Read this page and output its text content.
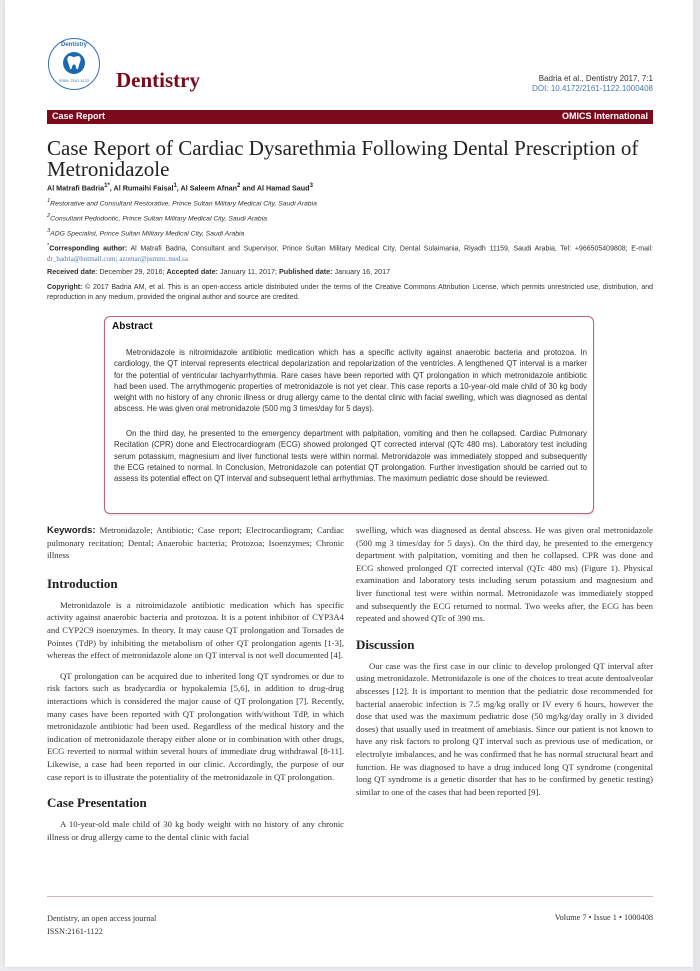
Dentistry
ISSN: 2161-1122	Dentistry	Badria et al., Dentistry 2017, 7:1
DOI: 10.4172/2161-1122.1000408
Case Report	OMICS International
Case Report of Cardiac Dysarethmia Following Dental Prescription of Metronidazole
Al Matrafi Badria$^{1*}$, Al Rumaihi Faisal$^1$, Al Saleem Afnan$^2$ and Al Hamad Saud$^3$
$^1$Restorative and Consultant Restorative, Prince Sultan Military Medical City, Saudi Arabia
$^2$Consultant Pedodontic, Prince Sultan Military Medical City, Saudi Arabia
$^3$ADG Specialist, Prince Sultan Military Medical City, Saudi Arabia
*Corresponding author: Al Matrafi Badria, Consultant and Supervisor, Prince Sultan Military Medical City, Dental Sulaimania, Riyadh 11159, Saudi Arabia, Tel: +966505409808; E-mail: dr_badria@hotmail.com; azomar@psmmc.med.sa
Received date: December 29, 2016; Accepted date: January 11, 2017; Published date: January 16, 2017
Copyright: © 2017 Badria AM, et al. This is an open-access article distributed under the terms of the Creative Commons Attribution License, which permits unrestricted use, distribution, and reproduction in any medium, provided the original author and source are credited.
Abstract

Metronidazole is nitroimidazole antibiotic medication which has a specific activity against anaerobic bacteria and protozoa. In cardiology, the QT interval represents electrical depolarization and repolarization of the ventricles. A lengthened QT interval is a marker for the potential of ventricular tachyarrhythmia. Rare cases have been reported with QT prolongation in which metronidazole antibiotic had been used. The arrythmogenic properties of metronidazole is not yet clear. This case reports a 10-year-old male child of 30 kg body weight with no history of any chronic illness or drug allergy came to the dental clinic with facial swelling, which was diagnosed as dental abscess. He was given oral metronidazole (500 mg 3 times/day for 5 days).

On the third day, he presented to the emergency department with palpitation, vomiting and then he collapsed. Cardiac Pulmonary Recitation (CPR) done and Electrocardiogram (ECG) showed prolonged QT corrected interval (QTc 480 ms). Laboratory test including serum potassium, magnesium and liver functional tests were within normal. Metronidazole was immediately stopped and subsequently the ECG retained to normal. In Conclusion, Metronidazole can potentiat QT prolongation. Further investigation should be carried out to assess its potential effect on QT interval and subsequent lethal arrhythmias. The maximum pediatric dose should be reviewed.

Keywords: Metronidazole; Antibiotic; Case report; Electrocardiogram; Cardiac pulmonary recitation; Dental; Anaerobic bacteria; Protozoa; Isoenzymes; Chronic illness
Introduction

Metronidazole is a nitroimidazole antibiotic medication which has specific activity against anaerobic bacteria and protozoa. It is a potent inhibitor of CYP3A4 and CYP2C9 isoenzymes. In theory. It may cause QT prolongation and Torsades de Pointes (TdP) by inhibiting the metabolism of other QT prolongation agents [1-3], whereas the effect of metronidazole alone on QT interval is not well documented [4].

QT prolongation can be acquired due to inherited long QT syndromes or due to risk factors such as bradycardia or hypokalemia [5,6], in addition to drug-drug interactions which is considered the major cause of QT prolongation [7]. Recently, many cases have been reported with QT prolongation with/without TdP, in which metronidazole antibiotic had been used. Regardless of the medical history and the indication of metronidazole therapy either alone or in combination with other drugs, ECG reverted to normal within several hours of immediate drug withdrawal [8-11]. Likewise, a case had been reported in our clinic. Accordingly, the purpose of our case report is to illustrate the potentiality of the metronidazole in QT prolongation.

Case Presentation

A 10-year-old male child of 30 kg body weight with no history of any chronic illness or drug allergy came to the dental clinic with facial

swelling, which was diagnosed as dental abscess. He was given oral metronidazole (500 mg 3 times/day for 5 days). On the third day, he presented to the emergency department with palpitation, vomiting and then he collapsed. CPR was done and ECG showed prolonged QT corrected interval (QTc 480 ms) (Figure 1). Physical examination and laboratory tests including serum potassium and magnesium and liver functional test were within normal. Metronidazole was immediately stopped and subsequently the ECG returned to normal. Two weeks after, the ECG has been repeated and showed QTc of 390 ms.

Discussion

Our case was the first case in our clinic to develop prolonged QT interval after using metronidazole. Metronidazole is one of the choices to treat acute dentoalveolar abscesses [12]. It is important to mention that the pediatric dose recommended for bacterial anaerobic infection is 7.5 mg/kg orally or IV every 6 hours, however the dose that used was the maximum pediatric dose (50 mg/kg/day orally in 3 divided doses) that usually used in treatment of amebiasis. Since our patient is not known to have any risk factors to prolong QT interval such as previous use of medication, or electrolyte imbalances, and he was confirmed that he has normal structural heart and function. He was diagnosed to have a drug induced long QT syndrome (congenital long QT syndrome is a genetic disorder that has to be confirmed by genetic testing) similar to one of the cases that had been reported [9].

Dentistry, an open access journal
ISSN:2161-1122
Volume 7 • Issue 1 • 1000408
